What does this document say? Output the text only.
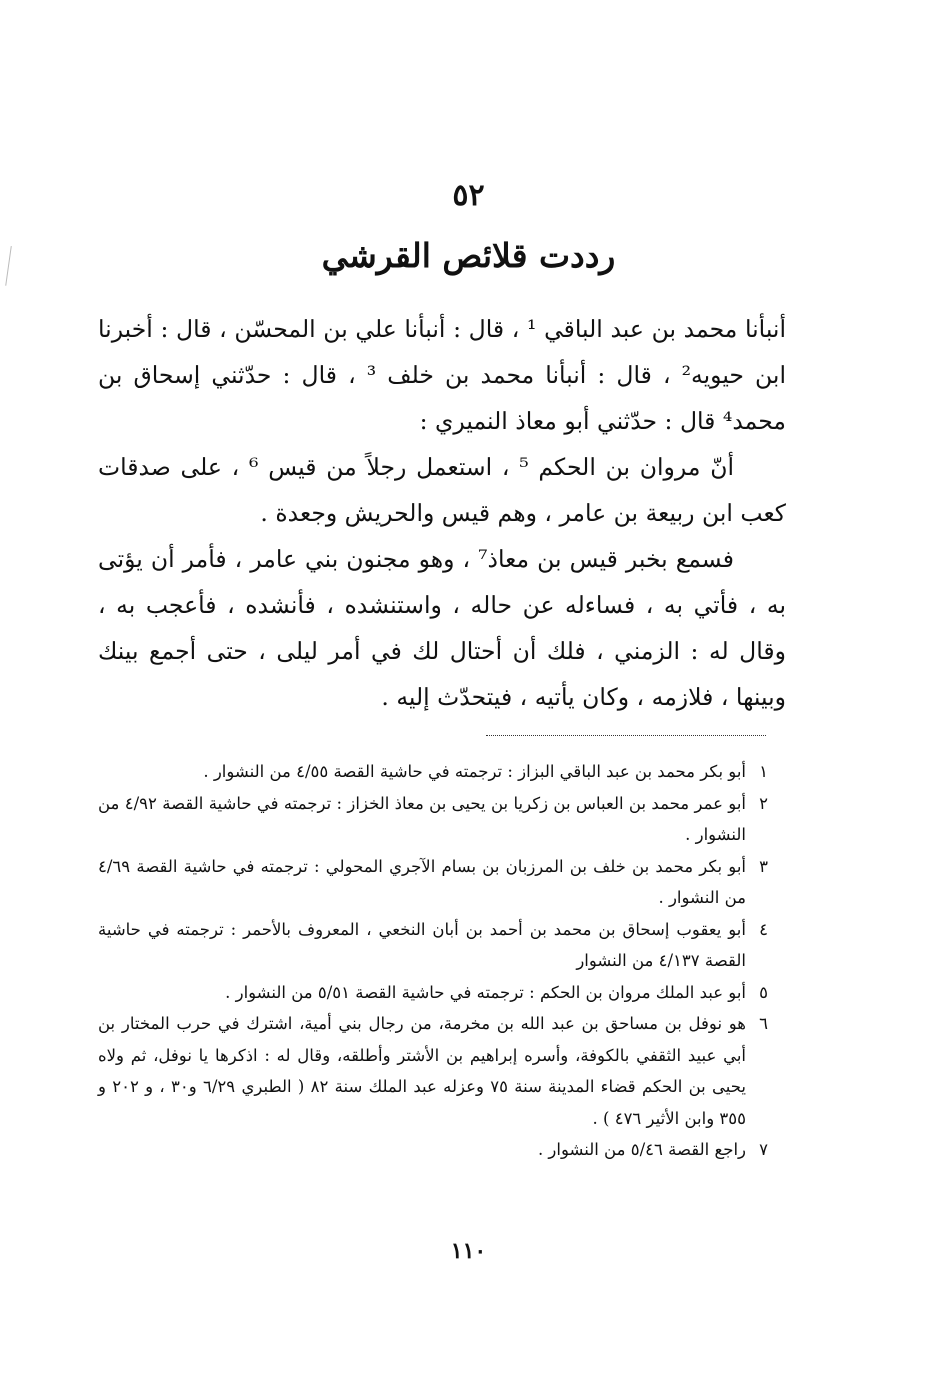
٥٢
رددت قلائص القرشي

أنبأنا محمد بن عبد الباقي ¹ ، قال : أنبأنا علي بن المحسّن ، قال : أخبرنا ابن حيويه² ، قال : أنبأنا محمد بن خلف ³ ، قال : حدّثني إسحاق بن محمد⁴ قال : حدّثني أبو معاذ النميري :

أنّ مروان بن الحكم ⁵ ، استعمل رجلاً من قيس ⁶ ، على صدقات كعب ابن ربيعة بن عامر ، وهم قيس والحريش وجعدة .

فسمع بخبر قيس بن معاذ⁷ ، وهو مجنون بني عامر ، فأمر أن يؤتى به ، فأتي به ، فساءله عن حاله ، واستنشده ، فأنشده ، فأعجب به ، وقال له : الزمني ، فلك أن أحتال لك في أمر ليلى ، حتى أجمع بينك وبينها ، فلازمه ، وكان يأتيه ، فيتحدّث إليه .

١
أبو بكر محمد بن عبد الباقي البزاز : ترجمته في حاشية القصة ٤/٥٥ من النشوار .
٢
أبو عمر محمد بن العباس بن زكريا بن يحيى بن معاذ الخزاز : ترجمته في حاشية القصة ٤/٩٢ من النشوار .
٣
أبو بكر محمد بن خلف بن المرزبان بن بسام الآجري المحولي : ترجمته في حاشية القصة ٤/٦٩ من النشوار .
٤
أبو يعقوب إسحاق بن محمد بن أحمد بن أبان النخعي ، المعروف بالأحمر : ترجمته في حاشية القصة ٤/١٣٧ من النشوار
٥
أبو عبد الملك مروان بن الحكم : ترجمته في حاشية القصة ٥/٥١ من النشوار .
٦
هو نوفل بن مساحق بن عبد الله بن مخرمة، من رجال بني أمية، اشترك في حرب المختار بن أبي عبيد الثقفي بالكوفة، وأسره إبراهيم بن الأشتر وأطلقه، وقال له : اذكرها يا نوفل، ثم ولاه يحيى بن الحكم قضاء المدينة سنة ٧٥ وعزله عبد الملك سنة ٨٢ ( الطبري ٦/٢٩ و٣٠ ، و ٢٠٢ و ٣٥٥ وابن الأثير ٤٧٦ ) .
٧
راجع القصة ٥/٤٦ من النشوار .
١١٠
